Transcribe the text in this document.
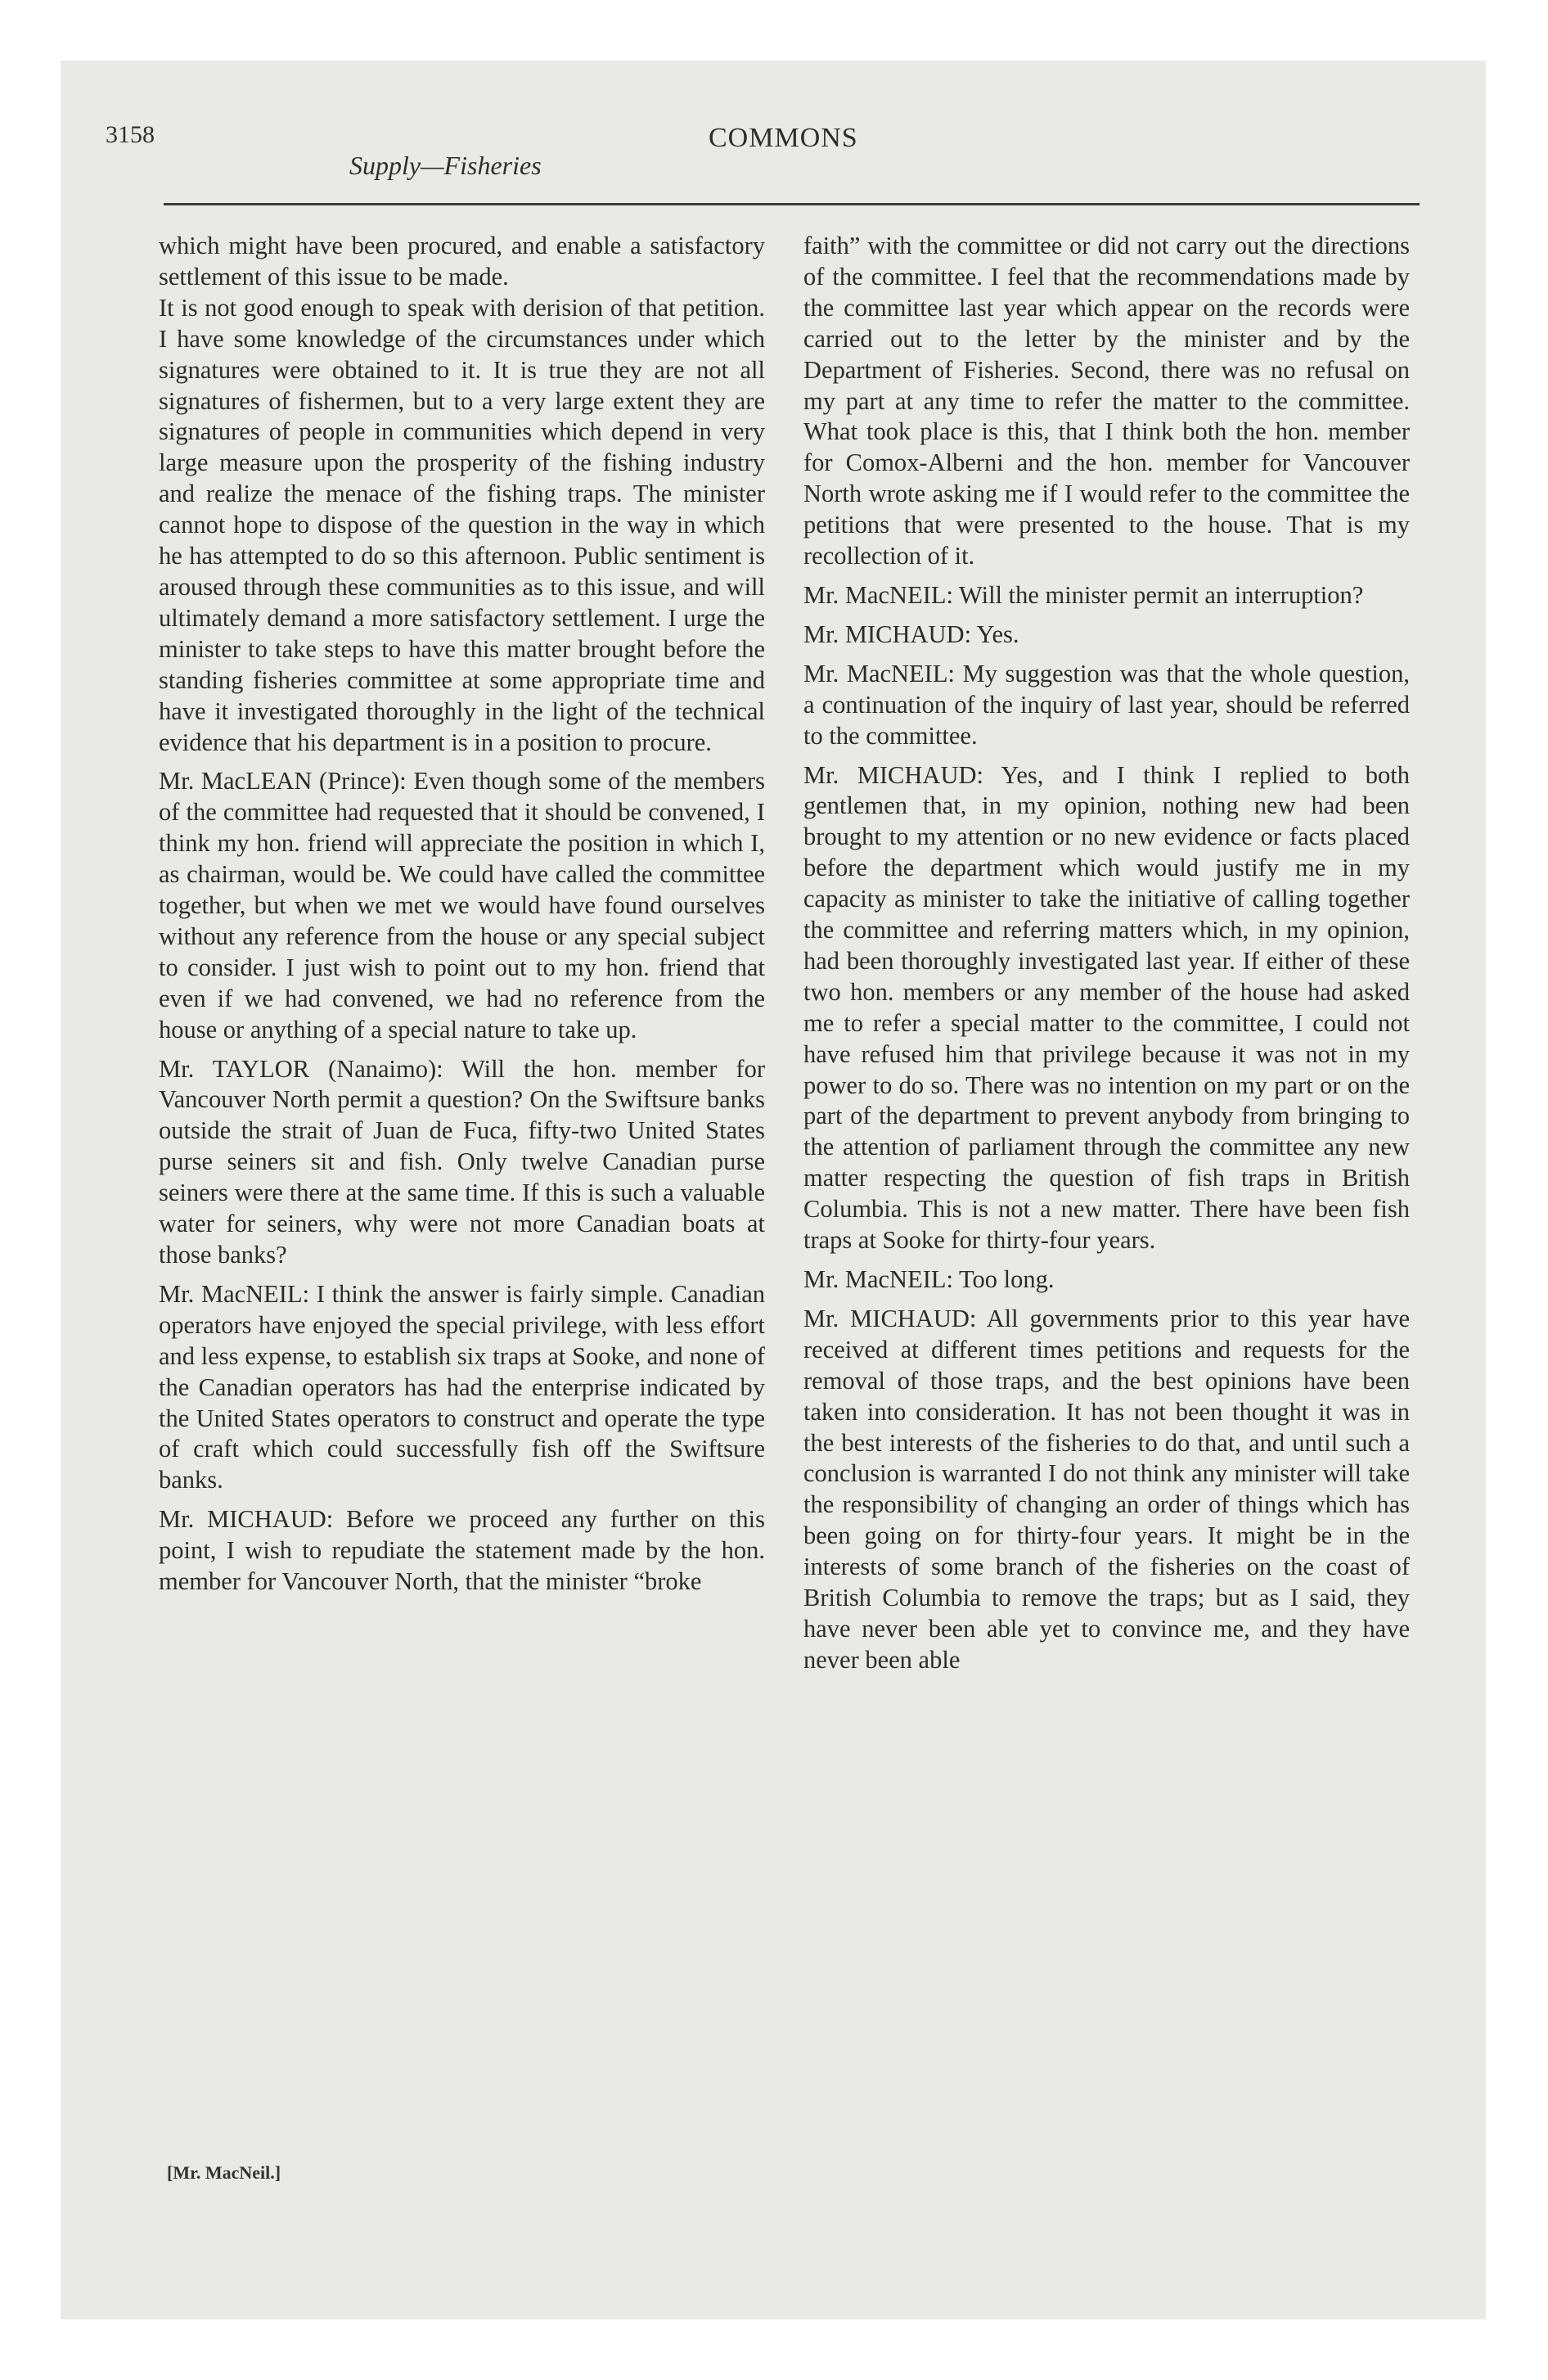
3158
Supply—Fisheries
COMMONS

which might have been procured, and enable a satisfactory settlement of this issue to be made.

It is not good enough to speak with derision of that petition. I have some knowledge of the circumstances under which signatures were obtained to it. It is true they are not all signatures of fishermen, but to a very large extent they are signatures of people in communities which depend in very large measure upon the prosperity of the fishing industry and realize the menace of the fishing traps. The minister cannot hope to dispose of the question in the way in which he has attempted to do so this afternoon. Public sentiment is aroused through these communities as to this issue, and will ultimately demand a more satisfactory settlement. I urge the minister to take steps to have this matter brought before the standing fisheries committee at some appropriate time and have it investigated thoroughly in the light of the technical evidence that his department is in a position to procure.

Mr. MacLEAN (Prince): Even though some of the members of the committee had requested that it should be convened, I think my hon. friend will appreciate the position in which I, as chairman, would be. We could have called the committee together, but when we met we would have found ourselves without any reference from the house or any special subject to consider. I just wish to point out to my hon. friend that even if we had convened, we had no reference from the house or anything of a special nature to take up.

Mr. TAYLOR (Nanaimo): Will the hon. member for Vancouver North permit a question? On the Swiftsure banks outside the strait of Juan de Fuca, fifty-two United States purse seiners sit and fish. Only twelve Canadian purse seiners were there at the same time. If this is such a valuable water for seiners, why were not more Canadian boats at those banks?

Mr. MacNEIL: I think the answer is fairly simple. Canadian operators have enjoyed the special privilege, with less effort and less expense, to establish six traps at Sooke, and none of the Canadian operators has had the enterprise indicated by the United States operators to construct and operate the type of craft which could successfully fish off the Swiftsure banks.

Mr. MICHAUD: Before we proceed any further on this point, I wish to repudiate the statement made by the hon. member for Vancouver North, that the minister “broke

faith” with the committee or did not carry out the directions of the committee. I feel that the recommendations made by the committee last year which appear on the records were carried out to the letter by the minister and by the Department of Fisheries. Second, there was no refusal on my part at any time to refer the matter to the committee. What took place is this, that I think both the hon. member for Comox-Alberni and the hon. member for Vancouver North wrote asking me if I would refer to the committee the petitions that were presented to the house. That is my recollection of it.

Mr. MacNEIL: Will the minister permit an interruption?

Mr. MICHAUD: Yes.

Mr. MacNEIL: My suggestion was that the whole question, a continuation of the inquiry of last year, should be referred to the committee.

Mr. MICHAUD: Yes, and I think I replied to both gentlemen that, in my opinion, nothing new had been brought to my attention or no new evidence or facts placed before the department which would justify me in my capacity as minister to take the initiative of calling together the committee and referring matters which, in my opinion, had been thoroughly investigated last year. If either of these two hon. members or any member of the house had asked me to refer a special matter to the committee, I could not have refused him that privilege because it was not in my power to do so. There was no intention on my part or on the part of the department to prevent anybody from bringing to the attention of parliament through the committee any new matter respecting the question of fish traps in British Columbia. This is not a new matter. There have been fish traps at Sooke for thirty-four years.

Mr. MacNEIL: Too long.

Mr. MICHAUD: All governments prior to this year have received at different times petitions and requests for the removal of those traps, and the best opinions have been taken into consideration. It has not been thought it was in the best interests of the fisheries to do that, and until such a conclusion is warranted I do not think any minister will take the responsibility of changing an order of things which has been going on for thirty-four years. It might be in the interests of some branch of the fisheries on the coast of British Columbia to remove the traps; but as I said, they have never been able yet to convince me, and they have never been able

[Mr. MacNeil.]
